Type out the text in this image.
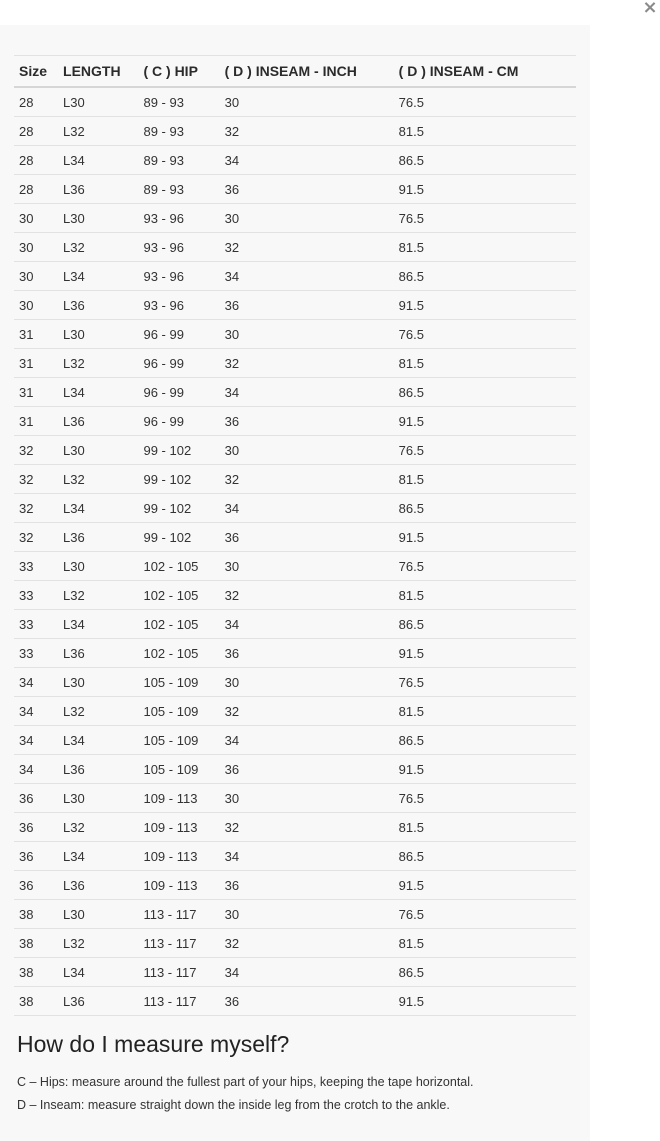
×
Size	LENGTH	( C ) HIP	( D ) INSEAM - INCH	( D ) INSEAM - CM
28	L30	89 - 93	30	76.5
28	L32	89 - 93	32	81.5
28	L34	89 - 93	34	86.5
28	L36	89 - 93	36	91.5
30	L30	93 - 96	30	76.5
30	L32	93 - 96	32	81.5
30	L34	93 - 96	34	86.5
30	L36	93 - 96	36	91.5
31	L30	96 - 99	30	76.5
31	L32	96 - 99	32	81.5
31	L34	96 - 99	34	86.5
31	L36	96 - 99	36	91.5
32	L30	99 - 102	30	76.5
32	L32	99 - 102	32	81.5
32	L34	99 - 102	34	86.5
32	L36	99 - 102	36	91.5
33	L30	102 - 105	30	76.5
33	L32	102 - 105	32	81.5
33	L34	102 - 105	34	86.5
33	L36	102 - 105	36	91.5
34	L30	105 - 109	30	76.5
34	L32	105 - 109	32	81.5
34	L34	105 - 109	34	86.5
34	L36	105 - 109	36	91.5
36	L30	109 - 113	30	76.5
36	L32	109 - 113	32	81.5
36	L34	109 - 113	34	86.5
36	L36	109 - 113	36	91.5
38	L30	113 - 117	30	76.5
38	L32	113 - 117	32	81.5
38	L34	113 - 117	34	86.5
38	L36	113 - 117	36	91.5
How do I measure myself?

C – Hips: measure around the fullest part of your hips, keeping the tape horizontal.

D – Inseam: measure straight down the inside leg from the crotch to the ankle.
